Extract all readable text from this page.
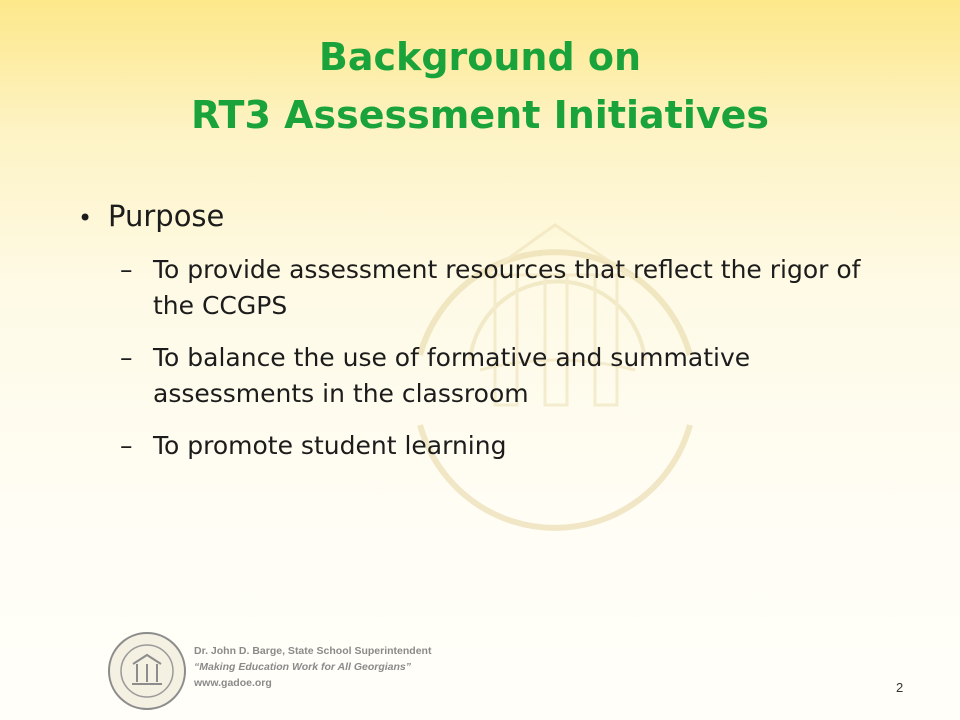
Background on
RT3 Assessment Initiatives
• Purpose
– To provide assessment resources that reflect the rigor of the CCGPS
– To balance the use of formative and summative assessments in the classroom
– To promote student learning
Dr. John D. Barge, State School Superintendent
“Making Education Work for All Georgians”
www.gadoe.org	2
